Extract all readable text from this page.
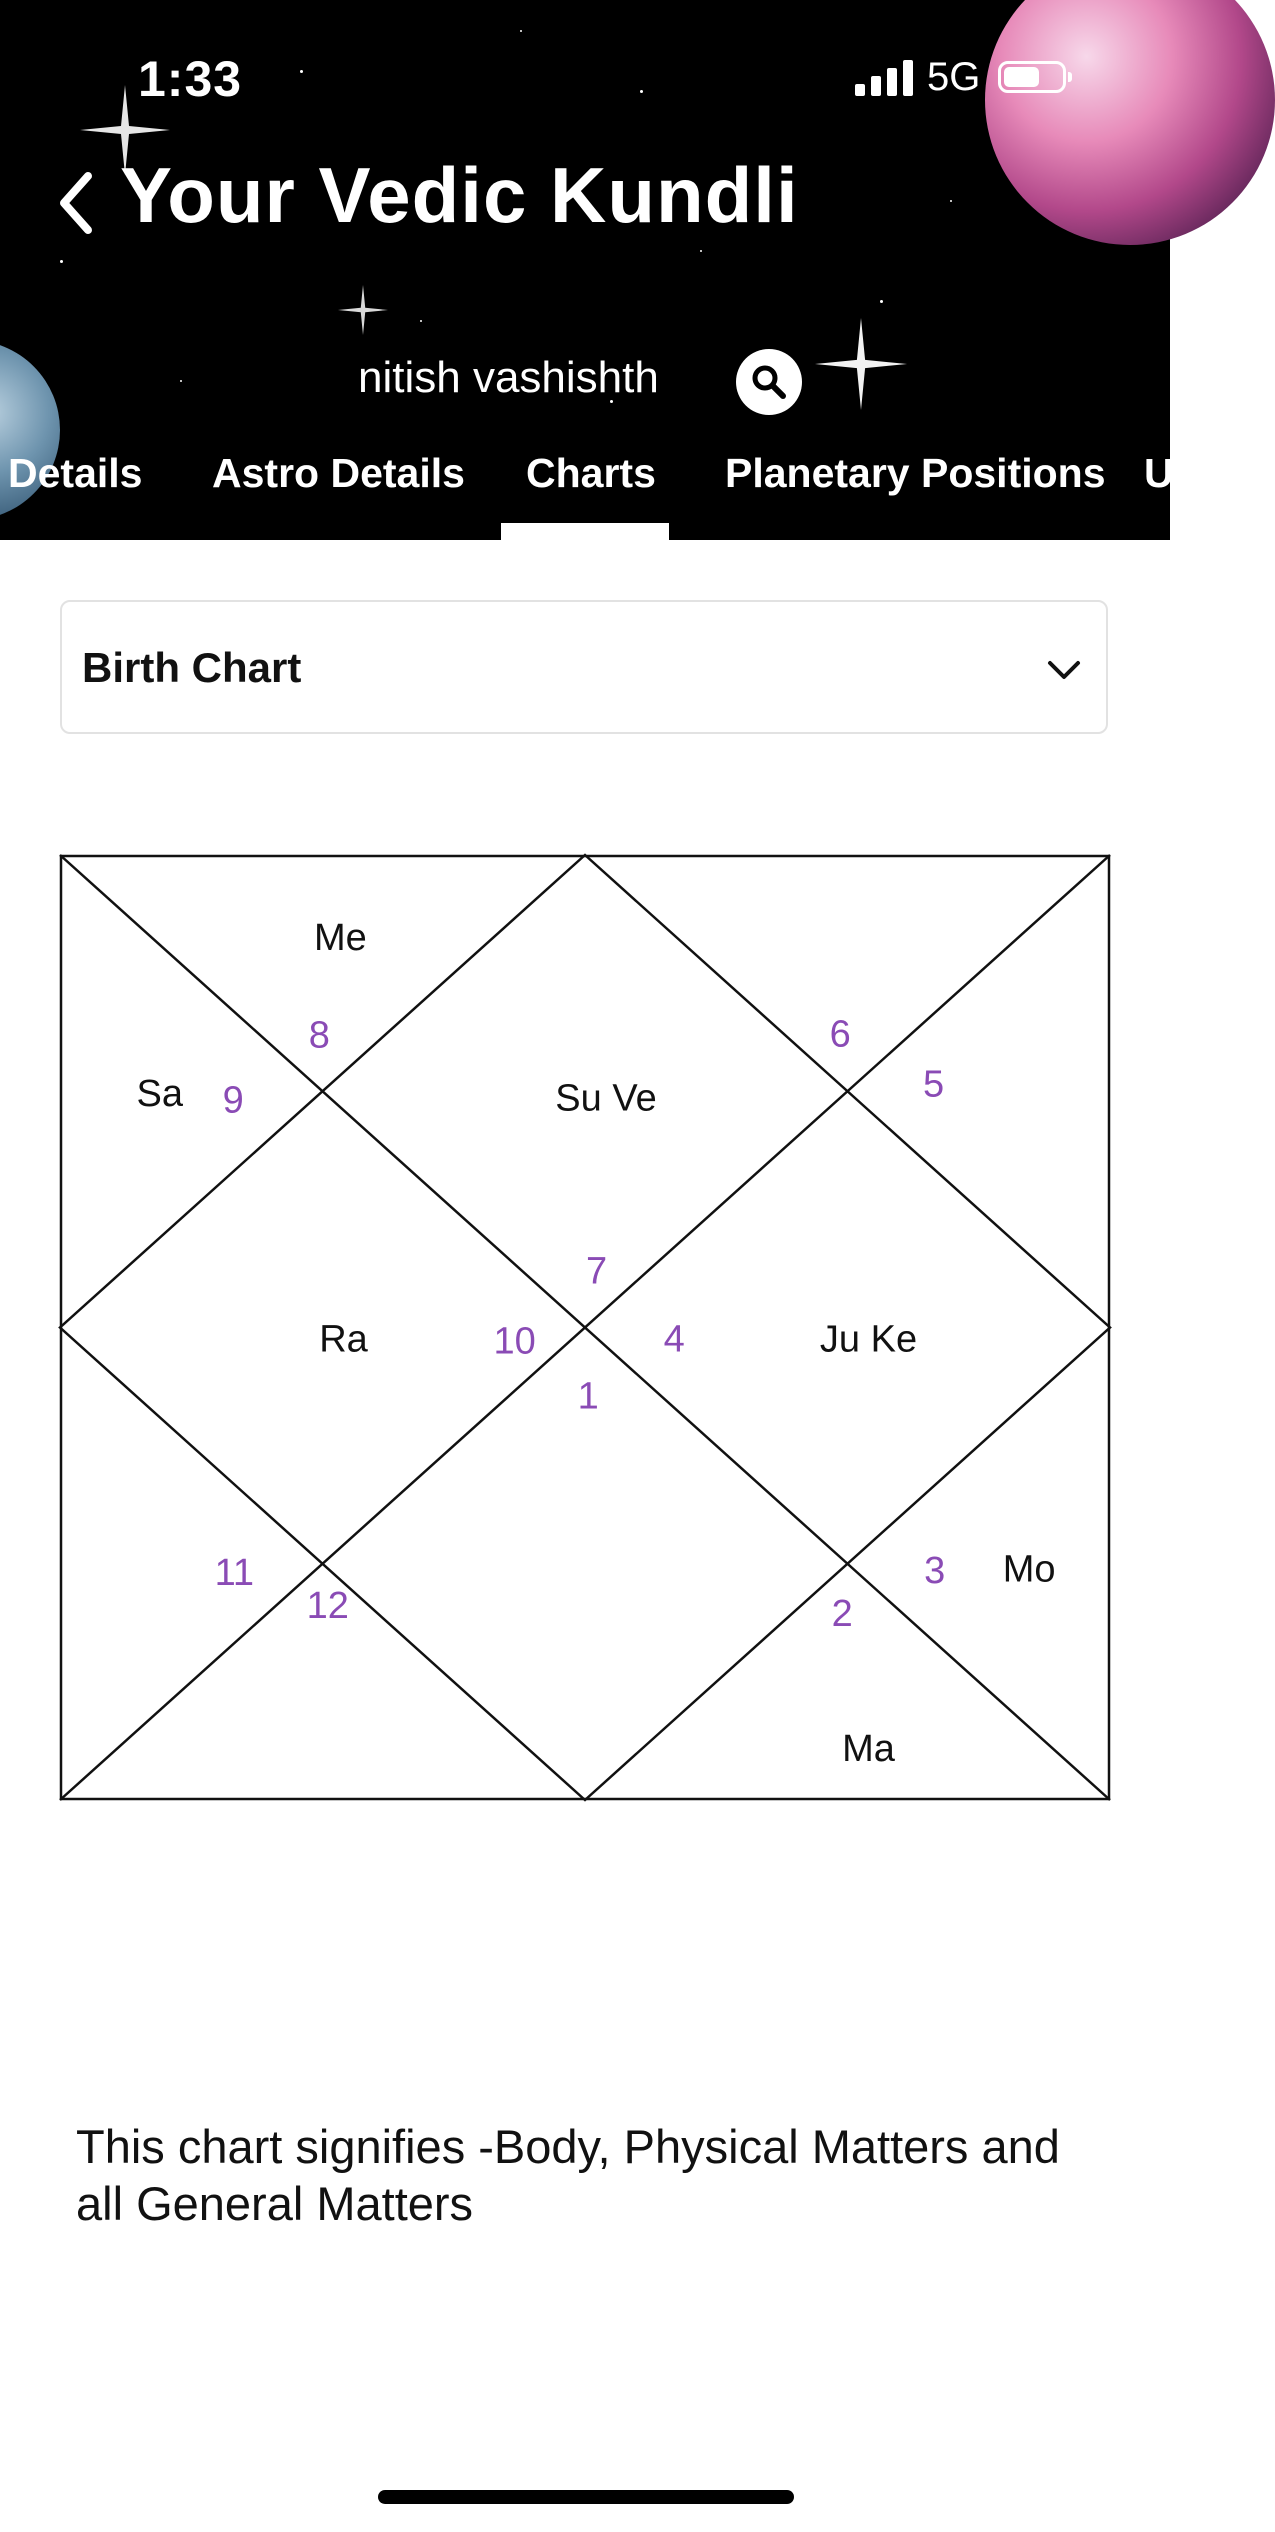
1:33	5G
Your Vedic Kundli
nitish vashishth
Details Astro Details Charts Planetary Positions U
Birth Chart
1
2
3
4
5
6
7
8
9
10
11
12
Ma
Mo
Ju Ke
Su Ve
Me
Sa
Ra
This chart signifies -Body, Physical Matters and all General Matters
